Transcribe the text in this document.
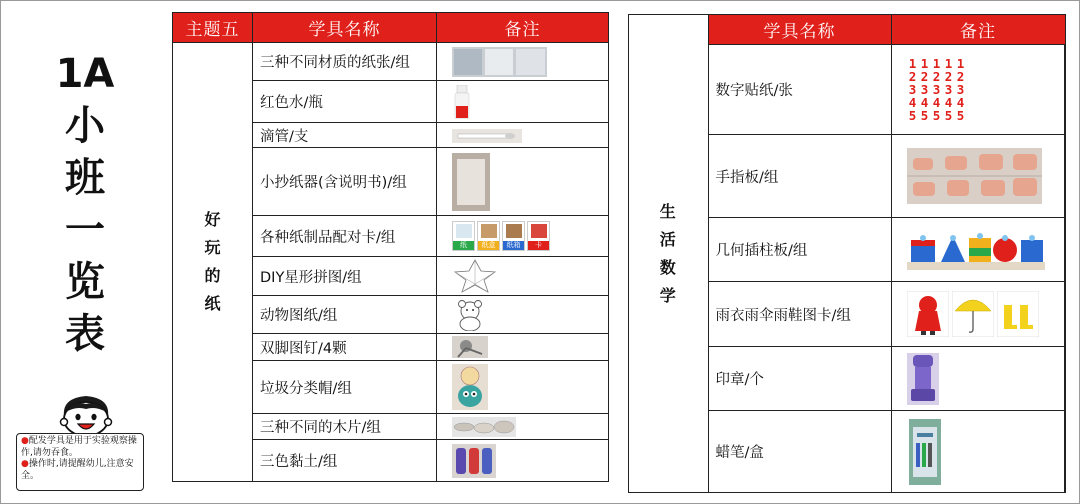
1A
小
班
一
览
表
●配发学具是用于实验观察操作,请勿吞食。
●操作时,请提醒幼儿,注意安全。
主题五	学具名称	备注

好
玩
的
纸	三种不同材质的纸张/组	
	红色水/瓶	
	滴管/支	
	小抄纸器(含说明书)/组	
	各种纸制品配对卡/组	纸 纸盒 纸箱 卡

	DIY星形拼图/组	
	动物图纸/组	
	双脚图钉/4颗	
	垃圾分类帽/组	
	三种不同的木片/组	
	三色黏土/组	
生
活
数
学	学具名称	备注
	数字贴纸/张	1 1 1 1 1
2 2 2 2 2
3 3 3 3 3
4 4 4 4 4
5 5 5 5 5

	手指板/组	
	几何插柱板/组	
	雨衣雨伞雨鞋图卡/组	

	印章/个	
	蜡笔/盒	
